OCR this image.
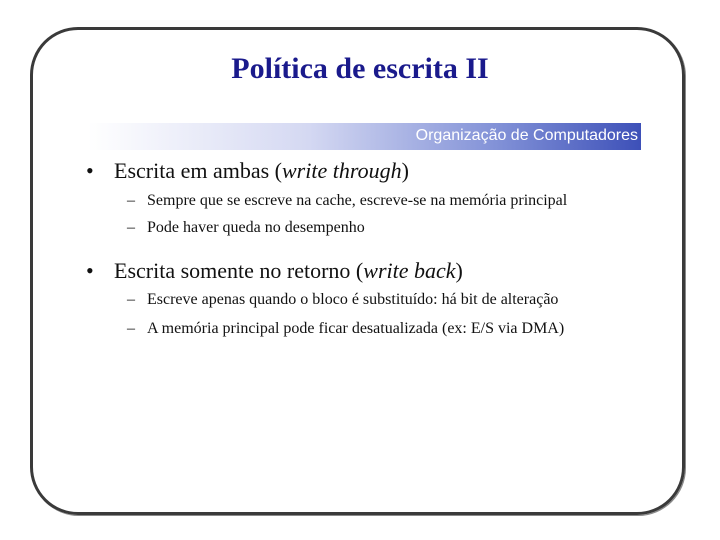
Política de escrita II
Organização de Computadores
• Escrita em ambas (write through)
– Sempre que se escreve na cache, escreve-se na memória principal
– Pode haver queda no desempenho
• Escrita somente no retorno (write back)
– Escreve apenas quando o bloco é substituído: há bit de alteração
– A memória principal pode ficar desatualizada (ex: E/S via DMA)
